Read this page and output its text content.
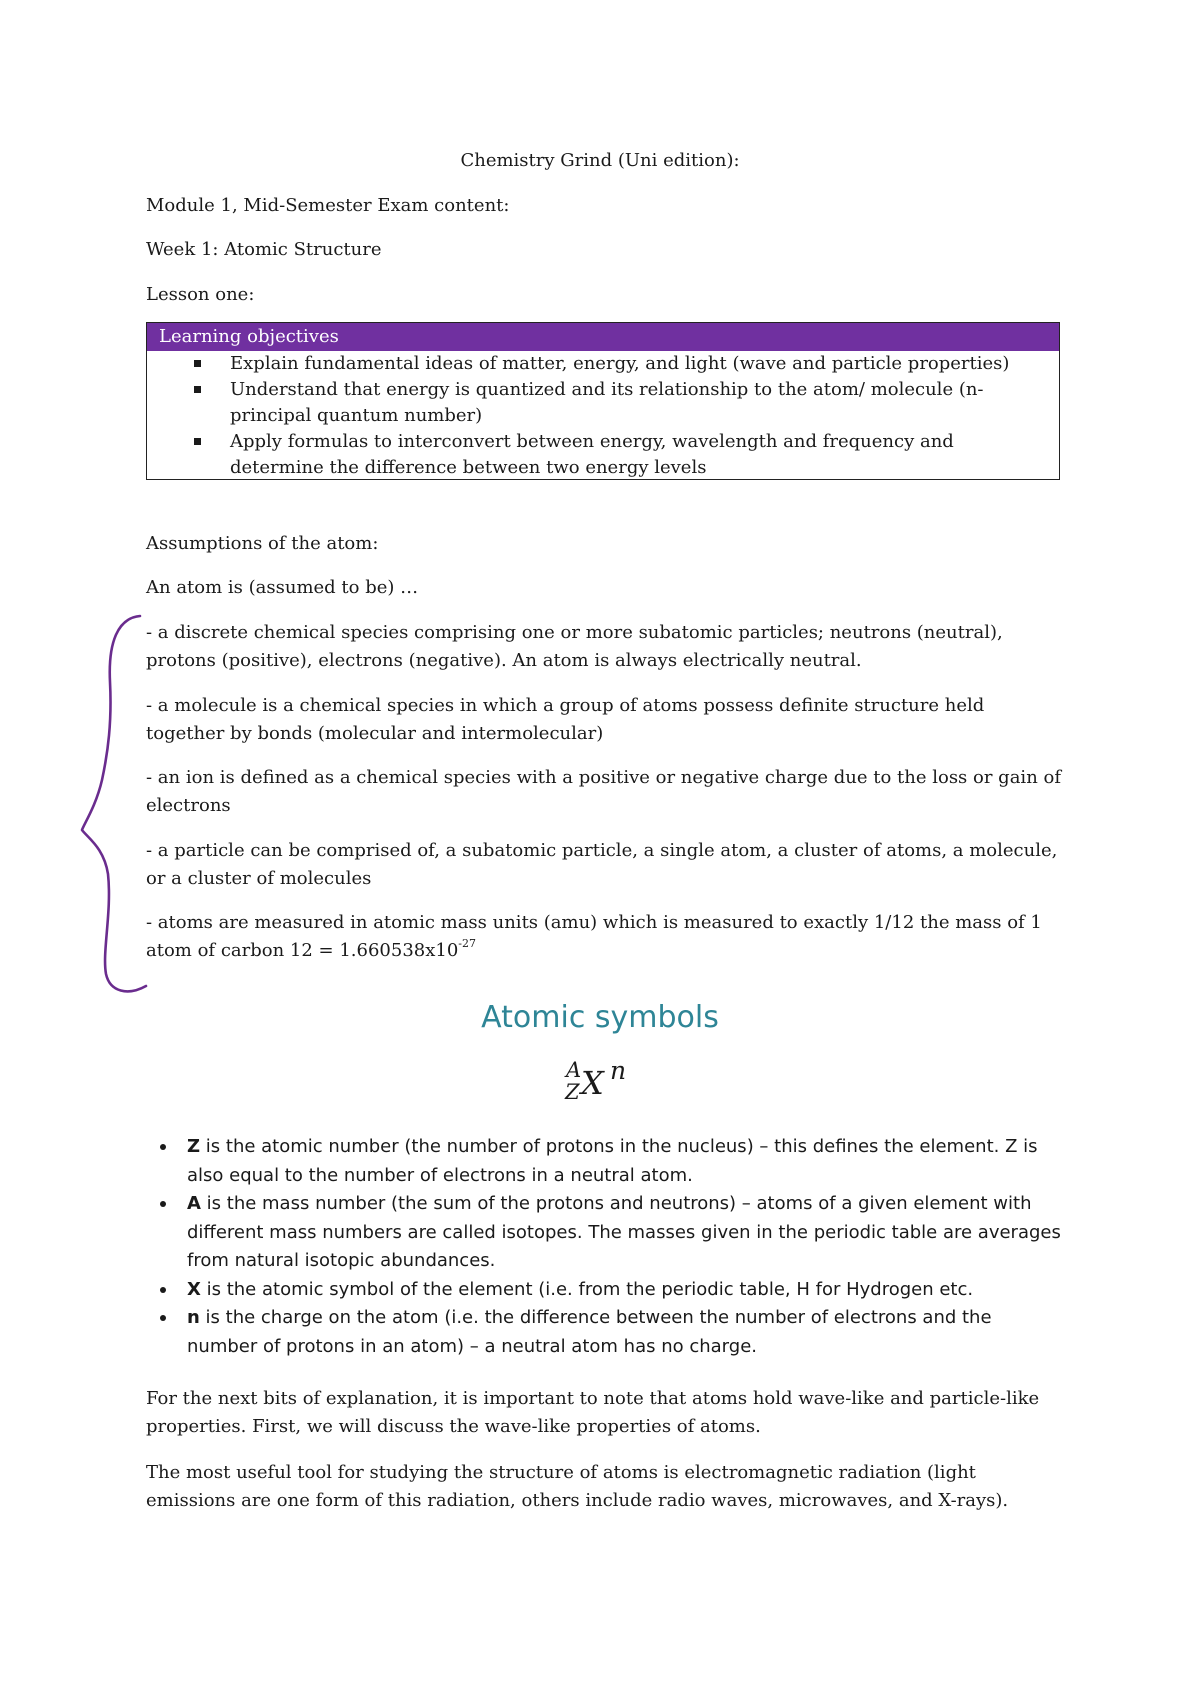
Chemistry Grind (Uni edition):
Module 1, Mid-Semester Exam content:
Week 1: Atomic Structure
Lesson one:
Learning objectives
Explain fundamental ideas of matter, energy, and light (wave and particle properties)
Understand that energy is quantized and its relationship to the atom/ molecule (n- principal quantum number)
Apply formulas to interconvert between energy, wavelength and frequency and determine the difference between two energy levels
Assumptions of the atom:
An atom is (assumed to be) …
- a discrete chemical species comprising one or more subatomic particles; neutrons (neutral), protons (positive), electrons (negative). An atom is always electrically neutral.
- a molecule is a chemical species in which a group of atoms possess definite structure held together by bonds (molecular and intermolecular)
- an ion is defined as a chemical species with a positive or negative charge due to the loss or gain of electrons
- a particle can be comprised of, a subatomic particle, a single atom, a cluster of atoms, a molecule, or a cluster of molecules
- atoms are measured in atomic mass units (amu) which is measured to exactly 1/12 the mass of 1 atom of carbon $12 = 1.660538x10^{-27}$
Atomic symbols
A
Z X n
Z is the atomic number (the number of protons in the nucleus) – this defines the element. Z is also equal to the number of electrons in a neutral atom.
A is the mass number (the sum of the protons and neutrons) – atoms of a given element with different mass numbers are called isotopes. The masses given in the periodic table are averages from natural isotopic abundances.
X is the atomic symbol of the element (i.e. from the periodic table, H for Hydrogen etc.
n is the charge on the atom (i.e. the difference between the number of electrons and the number of protons in an atom) – a neutral atom has no charge.
For the next bits of explanation, it is important to note that atoms hold wave-like and particle-like properties. First, we will discuss the wave-like properties of atoms.
The most useful tool for studying the structure of atoms is electromagnetic radiation (light emissions are one form of this radiation, others include radio waves, microwaves, and X-rays).
